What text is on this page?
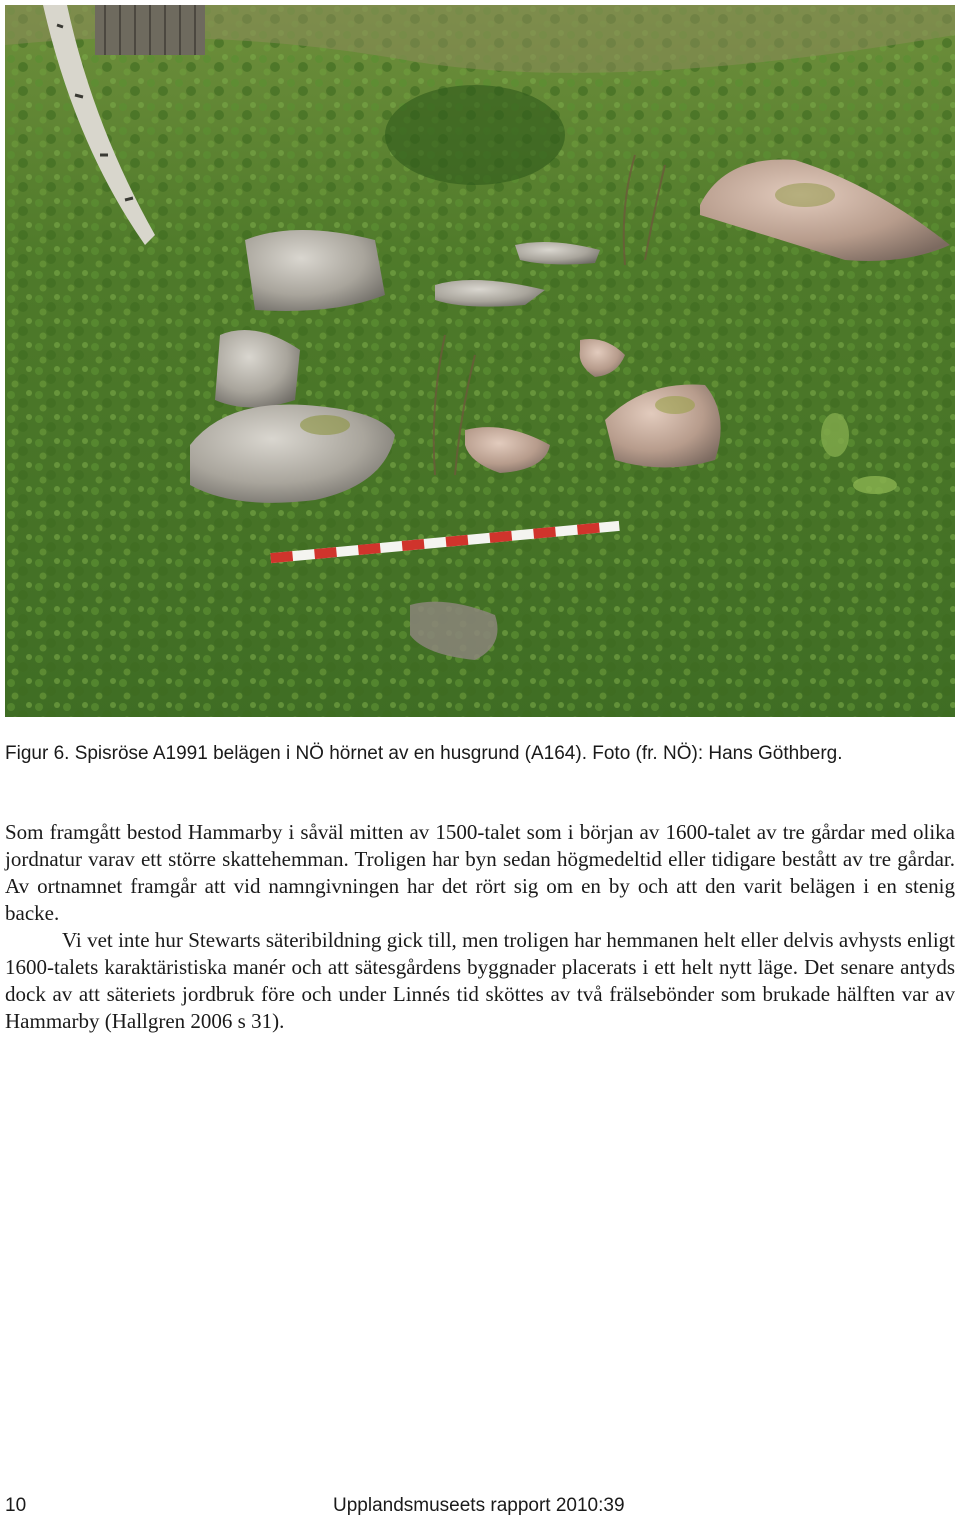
Figur 6. Spisröse A1991 belägen i NÖ hörnet av en husgrund (A164). Foto (fr. NÖ): Hans Göthberg.

Som framgått bestod Hammarby i såväl mitten av 1500-talet som i början av 1600-talet av tre gårdar med olika jordnatur varav ett större skattehemman. Troligen har byn sedan högmedeltid eller tidigare bestått av tre gårdar. Av ortnamnet framgår att vid namngivningen har det rört sig om en by och att den varit belägen i en stenig backe.

Vi vet inte hur Stewarts säteribildning gick till, men troligen har hemmanen helt eller delvis avhysts enligt 1600-talets karaktäristiska manér och att sätesgårdens byggnader placerats i ett helt nytt läge. Det senare antyds dock av att säteriets jordbruk före och under Linnés tid sköttes av två frälsebönder som brukade hälften var av Hammarby (Hallgren 2006 s 31).

10	Upplandsmuseets rapport 2010:39
